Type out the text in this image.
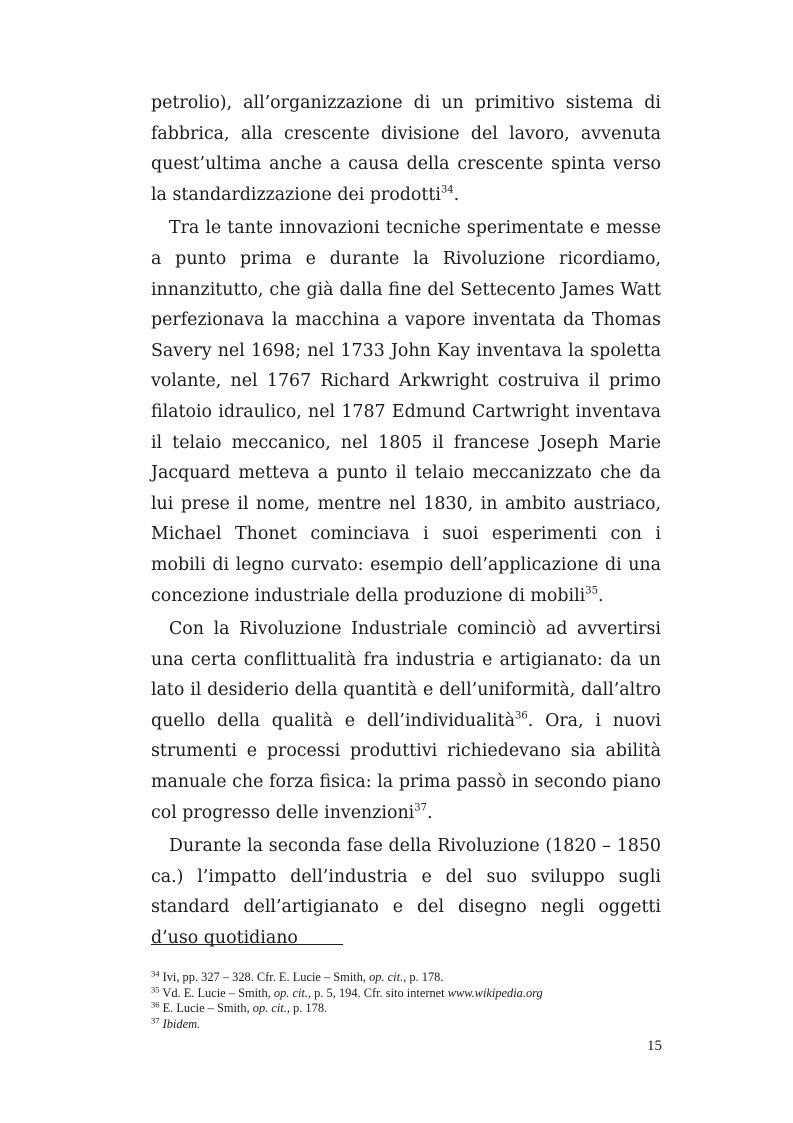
petrolio), all’organizzazione di un primitivo sistema di fabbrica, alla crescente divisione del lavoro, avvenuta quest’ultima anche a causa della crescente spinta verso la standardizzazione dei prodotti$^{34}$.

Tra le tante innovazioni tecniche sperimentate e messe a punto prima e durante la Rivoluzione ricordiamo, innanzitutto, che già dalla fine del Settecento James Watt perfezionava la macchina a vapore inventata da Thomas Savery nel 1698; nel 1733 John Kay inventava la spoletta volante, nel 1767 Richard Arkwright costruiva il primo filatoio idraulico, nel 1787 Edmund Cartwright inventava il telaio meccanico, nel 1805 il francese Joseph Marie Jacquard metteva a punto il telaio meccanizzato che da lui prese il nome, mentre nel 1830, in ambito austriaco, Michael Thonet cominciava i suoi esperimenti con i mobili di legno curvato: esempio dell’applicazione di una concezione industriale della produzione di mobili$^{35}$.

Con la Rivoluzione Industriale cominciò ad avvertirsi una certa conflittualità fra industria e artigianato: da un lato il desiderio della quantità e dell’uniformità, dall’altro quello della qualità e dell’individualità$^{36}$. Ora, i nuovi strumenti e processi produttivi richiedevano sia abilità manuale che forza fisica: la prima passò in secondo piano col progresso delle invenzioni$^{37}$.

Durante la seconda fase della Rivoluzione (1820 – 1850 ca.) l’impatto dell’industria e del suo sviluppo sugli standard dell’artigianato e del disegno negli oggetti d’uso quotidiano

$^{34}$ Ivi, pp. 327 – 328. Cfr. E. Lucie – Smith, op. cit., p. 178.
$^{35}$ Vd. E. Lucie – Smith, op. cit., p. 5, 194. Cfr. sito internet www.wikipedia.org
$^{36}$ E. Lucie – Smith, op. cit., p. 178.
$^{37}$ Ibidem.
15
